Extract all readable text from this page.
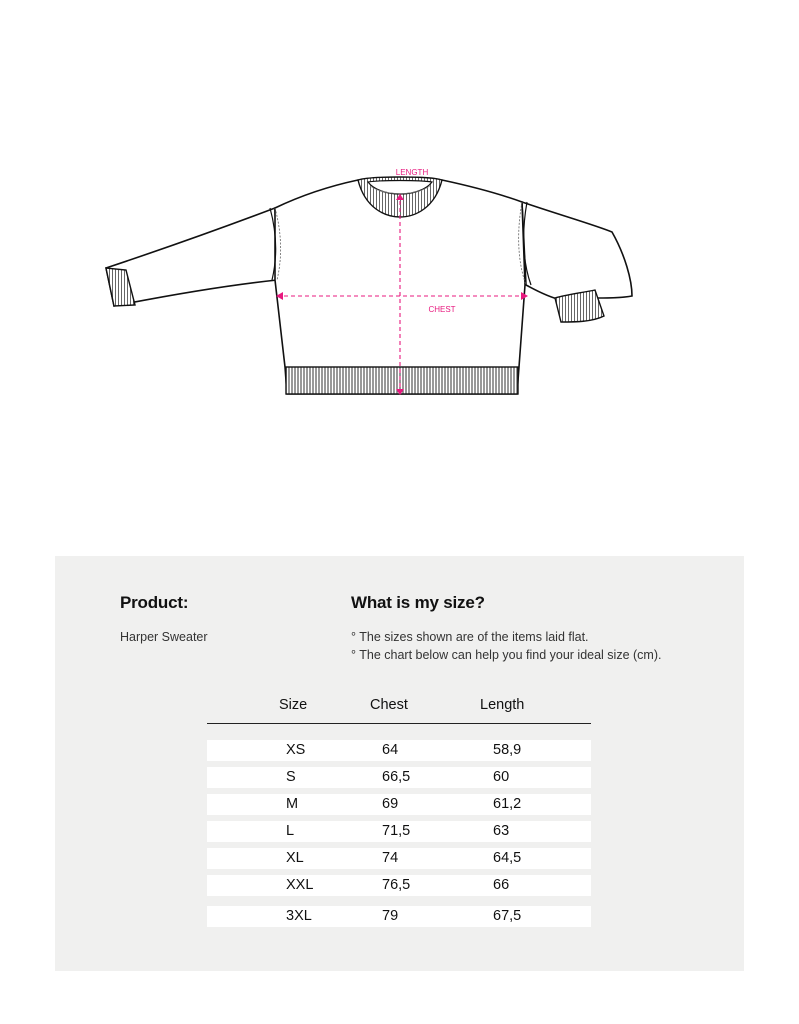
LENGTH
CHEST
Product:
Harper Sweater
What is my size?
° The sizes shown are of the items laid flat.
° The chart below can help you find your ideal size (cm).
Size	Chest	Length
XS	64	58,9
S	66,5	60
M	69	61,2
L	71,5	63
XL	74	64,5
XXL	76,5	66
3XL	79	67,5
